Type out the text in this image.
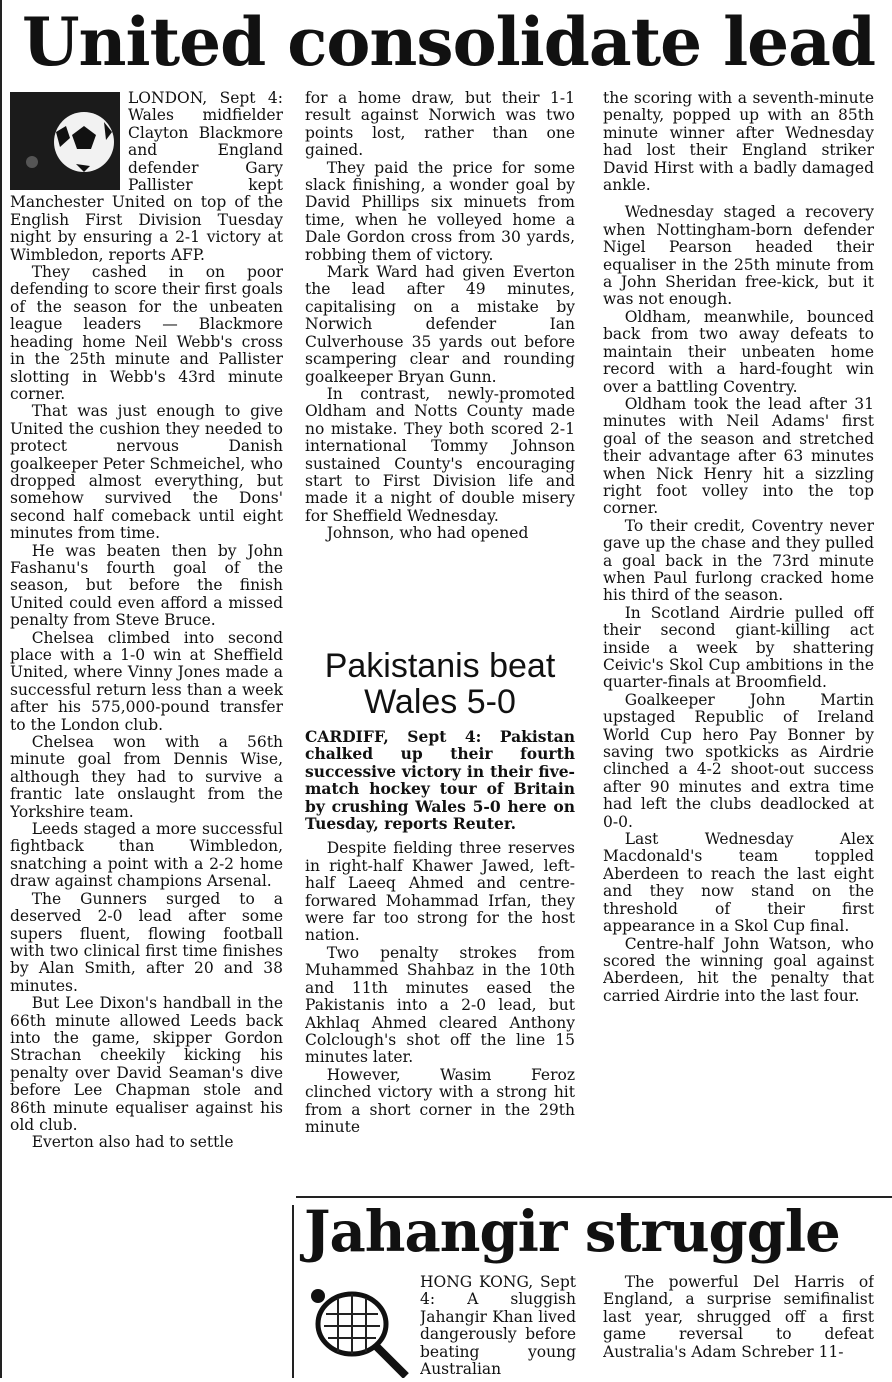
United consolidate lead

LONDON, Sept 4: Wales midfielder Clayton Blackmore and England defender Gary Pallister kept Manchester United on top of the English First Division Tuesday night by ensuring a 2-1 victory at Wimbledon, reports AFP.

They cashed in on poor defending to score their first goals of the season for the unbeaten league leaders — Blackmore heading home Neil Webb's cross in the 25th minute and Pallister slotting in Webb's 43rd minute corner.

That was just enough to give United the cushion they needed to protect nervous Danish goalkeeper Peter Schmeichel, who dropped almost everything, but somehow survived the Dons' second half comeback until eight minutes from time.

He was beaten then by John Fashanu's fourth goal of the season, but before the finish United could even afford a missed penalty from Steve Bruce.

Chelsea climbed into second place with a 1-0 win at Sheffield United, where Vinny Jones made a successful return less than a week after his 575,000-pound transfer to the London club.

Chelsea won with a 56th minute goal from Dennis Wise, although they had to survive a frantic late onslaught from the Yorkshire team.

Leeds staged a more successful fightback than Wimbledon, snatching a point with a 2-2 home draw against champions Arsenal.

The Gunners surged to a deserved 2-0 lead after some supers fluent, flowing football with two clinical first time finishes by Alan Smith, after 20 and 38 minutes.

But Lee Dixon's handball in the 66th minute allowed Leeds back into the game, skipper Gordon Strachan cheekily kicking his penalty over David Seaman's dive before Lee Chapman stole and 86th minute equaliser against his old club.

Everton also had to settle

for a home draw, but their 1-1 result against Norwich was two points lost, rather than one gained.

They paid the price for some slack finishing, a wonder goal by David Phillips six minuets from time, when he volleyed home a Dale Gordon cross from 30 yards, robbing them of victory.

Mark Ward had given Everton the lead after 49 minutes, capitalising on a mistake by Norwich defender Ian Culverhouse 35 yards out before scampering clear and rounding goalkeeper Bryan Gunn.

In contrast, newly-promoted Oldham and Notts County made no mistake. They both scored 2-1 international Tommy Johnson sustained County's encouraging start to First Division life and made it a night of double misery for Sheffield Wednesday.

Johnson, who had opened

Pakistanis beat
Wales 5-0

CARDIFF, Sept 4: Pakistan chalked up their fourth successive victory in their five-match hockey tour of Britain by crushing Wales 5-0 here on Tuesday, reports Reuter.

Despite fielding three reserves in right-half Khawer Jawed, left-half Laeeq Ahmed and centre-forwared Mohammad Irfan, they were far too strong for the host nation.

Two penalty strokes from Muhammed Shahbaz in the 10th and 11th minutes eased the Pakistanis into a 2-0 lead, but Akhlaq Ahmed cleared Anthony Colclough's shot off the line 15 minutes later.

However, Wasim Feroz clinched victory with a strong hit from a short corner in the 29th minute

the scoring with a seventh-minute penalty, popped up with an 85th minute winner after Wednesday had lost their England striker David Hirst with a badly damaged ankle.

Wednesday staged a recovery when Nottingham-born defender Nigel Pearson headed their equaliser in the 25th minute from a John Sheridan free-kick, but it was not enough.

Oldham, meanwhile, bounced back from two away defeats to maintain their unbeaten home record with a hard-fought win over a battling Coventry.

Oldham took the lead after 31 minutes with Neil Adams' first goal of the season and stretched their advantage after 63 minutes when Nick Henry hit a sizzling right foot volley into the top corner.

To their credit, Coventry never gave up the chase and they pulled a goal back in the 73rd minute when Paul furlong cracked home his third of the season.

In Scotland Airdrie pulled off their second giant-killing act inside a week by shattering Ceivic's Skol Cup ambitions in the quarter-finals at Broomfield.

Goalkeeper John Martin upstaged Republic of Ireland World Cup hero Pay Bonner by saving two spotkicks as Airdrie clinched a 4-2 shoot-out success after 90 minutes and extra time had left the clubs deadlocked at 0-0.

Last Wednesday Alex Macdonald's team toppled Aberdeen to reach the last eight and they now stand on the threshold of their first appearance in a Skol Cup final.

Centre-half John Watson, who scored the winning goal against Aberdeen, hit the penalty that carried Airdrie into the last four.

Jahangir struggle

HONG KONG, Sept 4: A sluggish Jahangir Khan lived dangerously before beating young Australian

The powerful Del Harris of England, a surprise semifinalist last year, shrugged off a first game reversal to defeat Australia's Adam Schreber 11-
